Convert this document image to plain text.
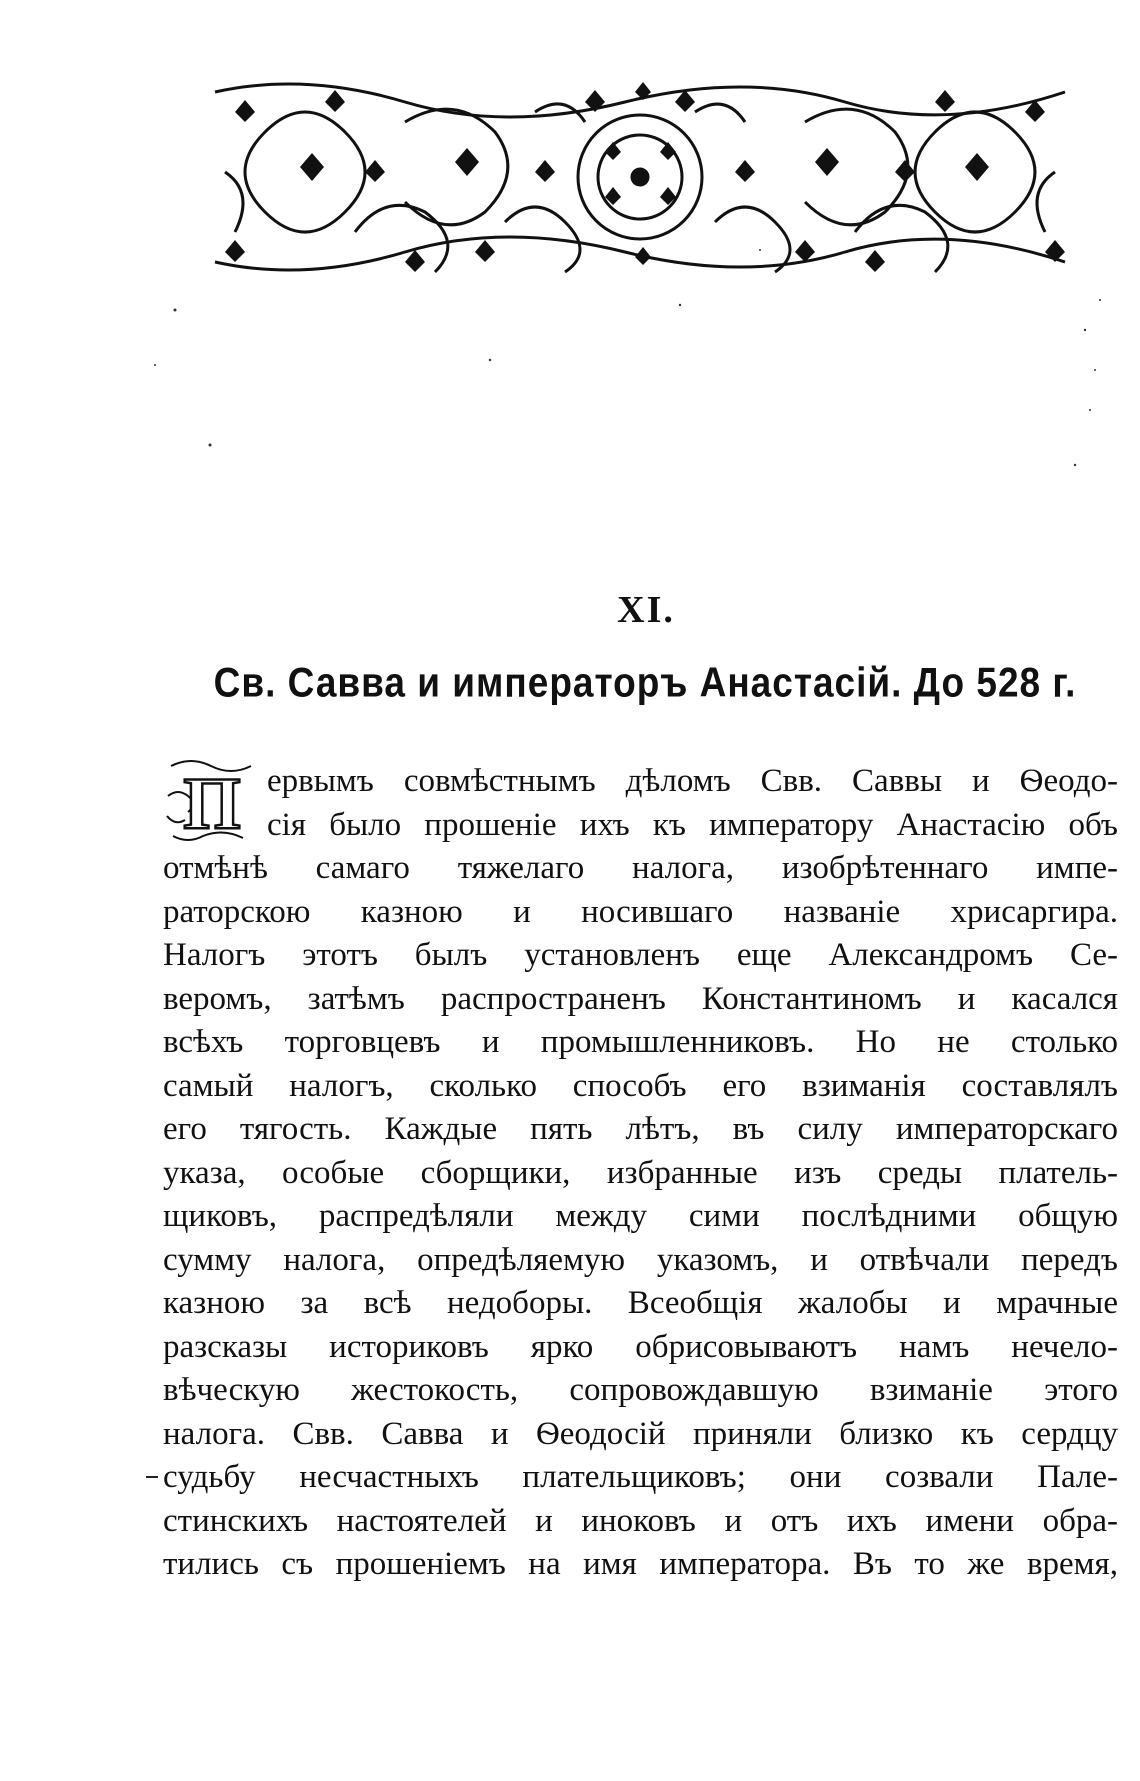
XI.
Св. Савва и императоръ Анастасій. До 528 г.
П ервымъ совмѣстнымъ дѣломъ Свв. Саввы и Ѳеодо-
сія было прошеніе ихъ къ императору Анастасію объ
отмѣнѣ самаго тяжелаго налога, изобрѣтеннаго импе-
раторскою казною и носившаго названіе хрисаргира.
Налогъ этотъ былъ установленъ еще Александромъ Се-
веромъ, затѣмъ распространенъ Константиномъ и касался
всѣхъ торговцевъ и промышленниковъ. Но не столько
самый налогъ, сколько способъ его взиманія составлялъ
его тягость. Каждые пять лѣтъ, въ силу императорскаго
указа, особые сборщики, избранные изъ среды платель-
щиковъ, распредѣляли между сими послѣдними общую
сумму налога, опредѣляемую указомъ, и отвѣчали передъ
казною за всѣ недоборы. Всеобщія жалобы и мрачные
разсказы историковъ ярко обрисовываютъ намъ нечело-
вѣческую жестокость, сопровождавшую взиманіе этого
налога. Свв. Савва и Ѳеодосій приняли близко къ сердцу
судьбу несчастныхъ плательщиковъ; они созвали Пале-
стинскихъ настоятелей и иноковъ и отъ ихъ имени обра-
тились съ прошеніемъ на имя императора. Въ то же время,
